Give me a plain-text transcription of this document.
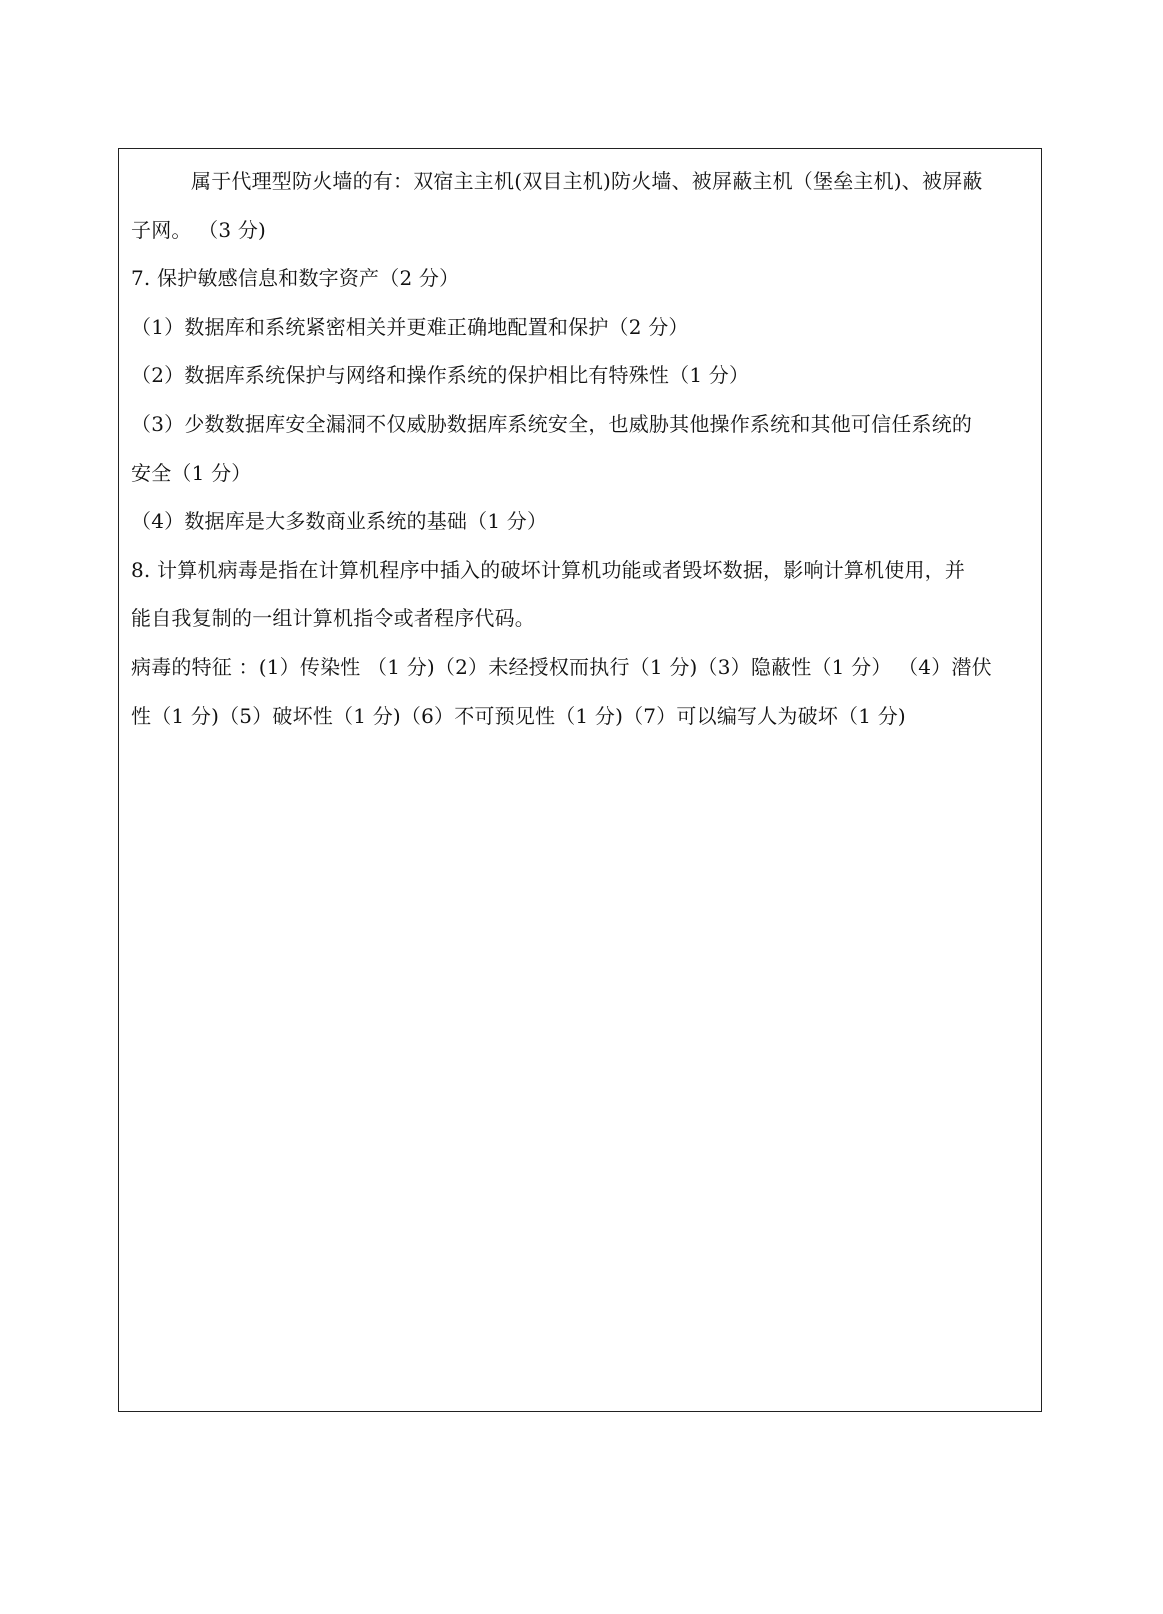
属于代理型防火墙的有：双宿主主机(双目主机)防火墙、被屏蔽主机（堡垒主机)、被屏蔽
子网。 （3 分)
7. 保护敏感信息和数字资产（2 分）
（1）数据库和系统紧密相关并更难正确地配置和保护（2 分）
（2）数据库系统保护与网络和操作系统的保护相比有特殊性（1 分）
（3）少数数据库安全漏洞不仅威胁数据库系统安全，也威胁其他操作系统和其他可信任系统的
安全（1 分）
（4）数据库是大多数商业系统的基础（1 分）
8. 计算机病毒是指在计算机程序中插入的破坏计算机功能或者毁坏数据，影响计算机使用，并
能自我复制的一组计算机指令或者程序代码。
病毒的特征 ：(1）传染性 （1 分)（2）未经授权而执行（1 分)（3）隐蔽性（1 分） （4）潜伏
性（1 分)（5）破坏性（1 分)（6）不可预见性（1 分)（7）可以编写人为破坏（1 分)
